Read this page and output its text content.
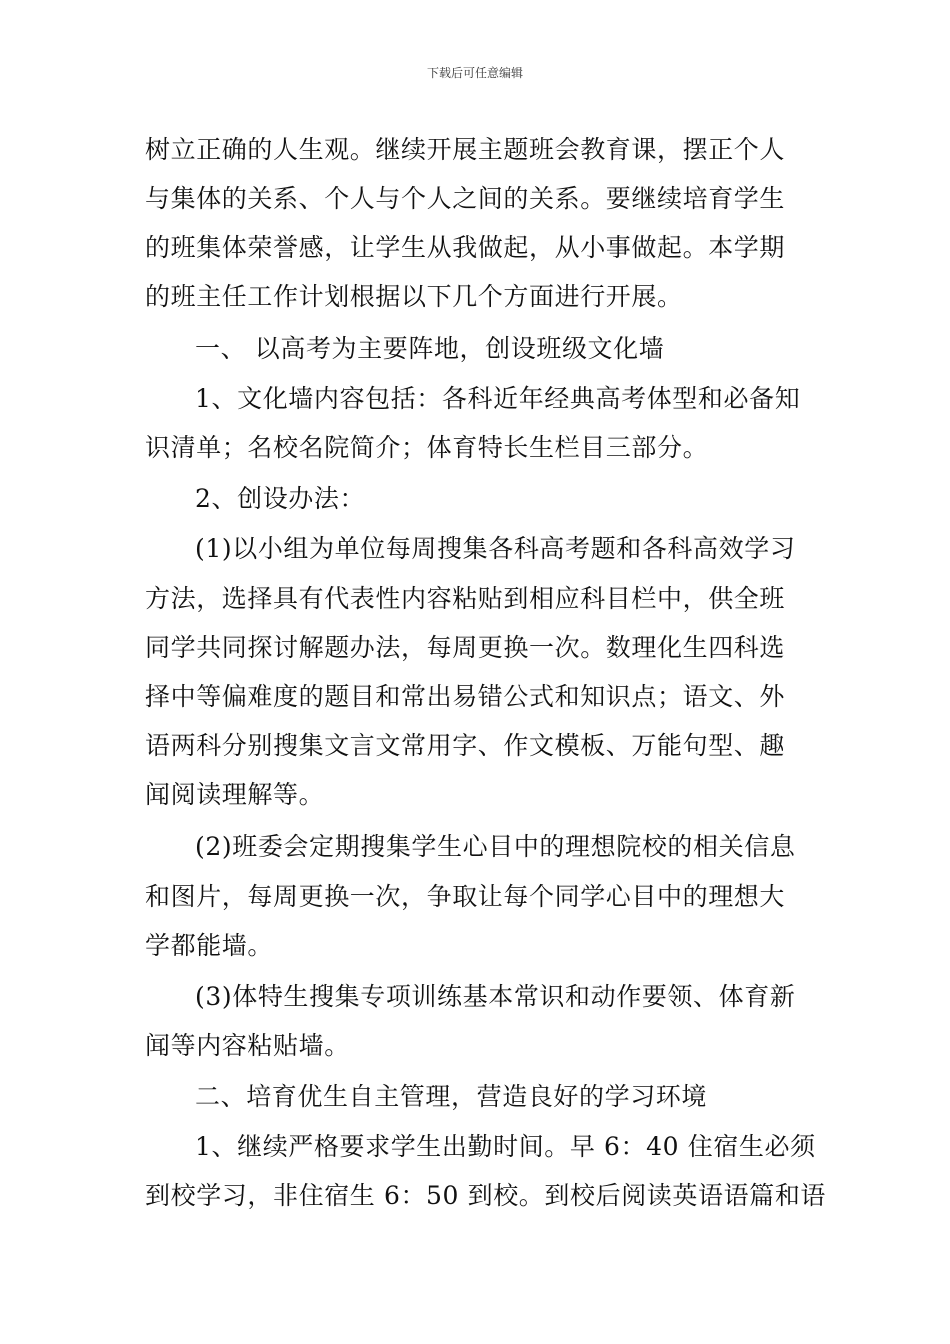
下载后可任意编辑
树立正确的人生观。继续开展主题班会教育课，摆正个人
与集体的关系、个人与个人之间的关系。要继续培育学生
的班集体荣誉感，让学生从我做起，从小事做起。本学期
的班主任工作计划根据以下几个方面进行开展。
一、 以高考为主要阵地，创设班级文化墙
1、文化墙内容包括：各科近年经典高考体型和必备知
识清单；名校名院简介；体育特长生栏目三部分。
2、创设办法：
(1)以小组为单位每周搜集各科高考题和各科高效学习
方法，选择具有代表性内容粘贴到相应科目栏中，供全班
同学共同探讨解题办法，每周更换一次。数理化生四科选
择中等偏难度的题目和常出易错公式和知识点；语文、外
语两科分别搜集文言文常用字、作文模板、万能句型、趣
闻阅读理解等。
(2)班委会定期搜集学生心目中的理想院校的相关信息
和图片，每周更换一次，争取让每个同学心目中的理想大
学都能墙。
(3)体特生搜集专项训练基本常识和动作要领、体育新
闻等内容粘贴墙。
二、培育优生自主管理，营造良好的学习环境
1、继续严格要求学生出勤时间。早 6：40 住宿生必须
到校学习，非住宿生 6：50 到校。到校后阅读英语语篇和语
